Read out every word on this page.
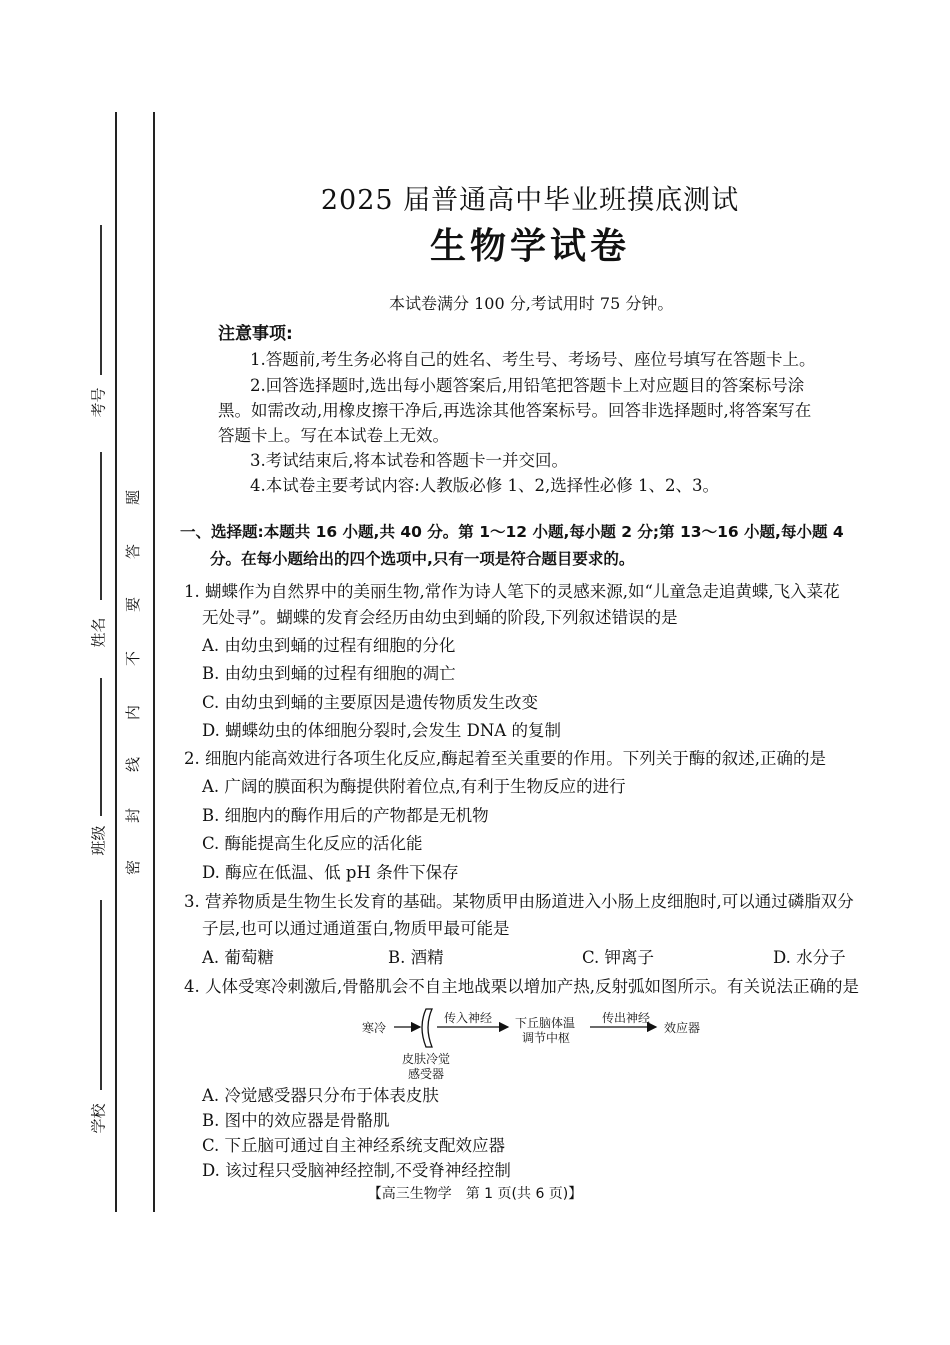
考号
姓名
班级
学校
题
答
要
不
内
线
封
密
2025 届普通高中毕业班摸底测试
生物学试卷
本试卷满分 100 分,考试用时 75 分钟。
注意事项:
1.答题前,考生务必将自己的姓名、考生号、考场号、座位号填写在答题卡上。
2.回答选择题时,选出每小题答案后,用铅笔把答题卡上对应题目的答案标号涂
黑。如需改动,用橡皮擦干净后,再选涂其他答案标号。回答非选择题时,将答案写在
答题卡上。写在本试卷上无效。
3.考试结束后,将本试卷和答题卡一并交回。
4.本试卷主要考试内容:人教版必修 1、2,选择性必修 1、2、3。
一、选择题:本题共 16 小题,共 40 分。第 1～12 小题,每小题 2 分;第 13～16 小题,每小题 4
分。在每小题给出的四个选项中,只有一项是符合题目要求的。
1. 蝴蝶作为自然界中的美丽生物,常作为诗人笔下的灵感来源,如“儿童急走追黄蝶,飞入菜花
无处寻”。蝴蝶的发育会经历由幼虫到蛹的阶段,下列叙述错误的是
A. 由幼虫到蛹的过程有细胞的分化
B. 由幼虫到蛹的过程有细胞的凋亡
C. 由幼虫到蛹的主要原因是遗传物质发生改变
D. 蝴蝶幼虫的体细胞分裂时,会发生 DNA 的复制
2. 细胞内能高效进行各项生化反应,酶起着至关重要的作用。下列关于酶的叙述,正确的是
A. 广阔的膜面积为酶提供附着位点,有利于生物反应的进行
B. 细胞内的酶作用后的产物都是无机物
C. 酶能提高生化反应的活化能
D. 酶应在低温、低 pH 条件下保存
3. 营养物质是生物生长发育的基础。某物质甲由肠道进入小肠上皮细胞时,可以通过磷脂双分
子层,也可以通过通道蛋白,物质甲最可能是
A. 葡萄糖	B. 酒精	C. 钾离子	D. 水分子
4. 人体受寒冷刺激后,骨骼肌会不自主地战栗以增加产热,反射弧如图所示。有关说法正确的是
寒冷
传入神经 下丘脑体温
调节中枢
传出神经
效应器
皮肤冷觉
感受器
A. 冷觉感受器只分布于体表皮肤
B. 图中的效应器是骨骼肌
C. 下丘脑可通过自主神经系统支配效应器
D. 该过程只受脑神经控制,不受脊神经控制
【高三生物学　第 1 页(共 6 页)】
